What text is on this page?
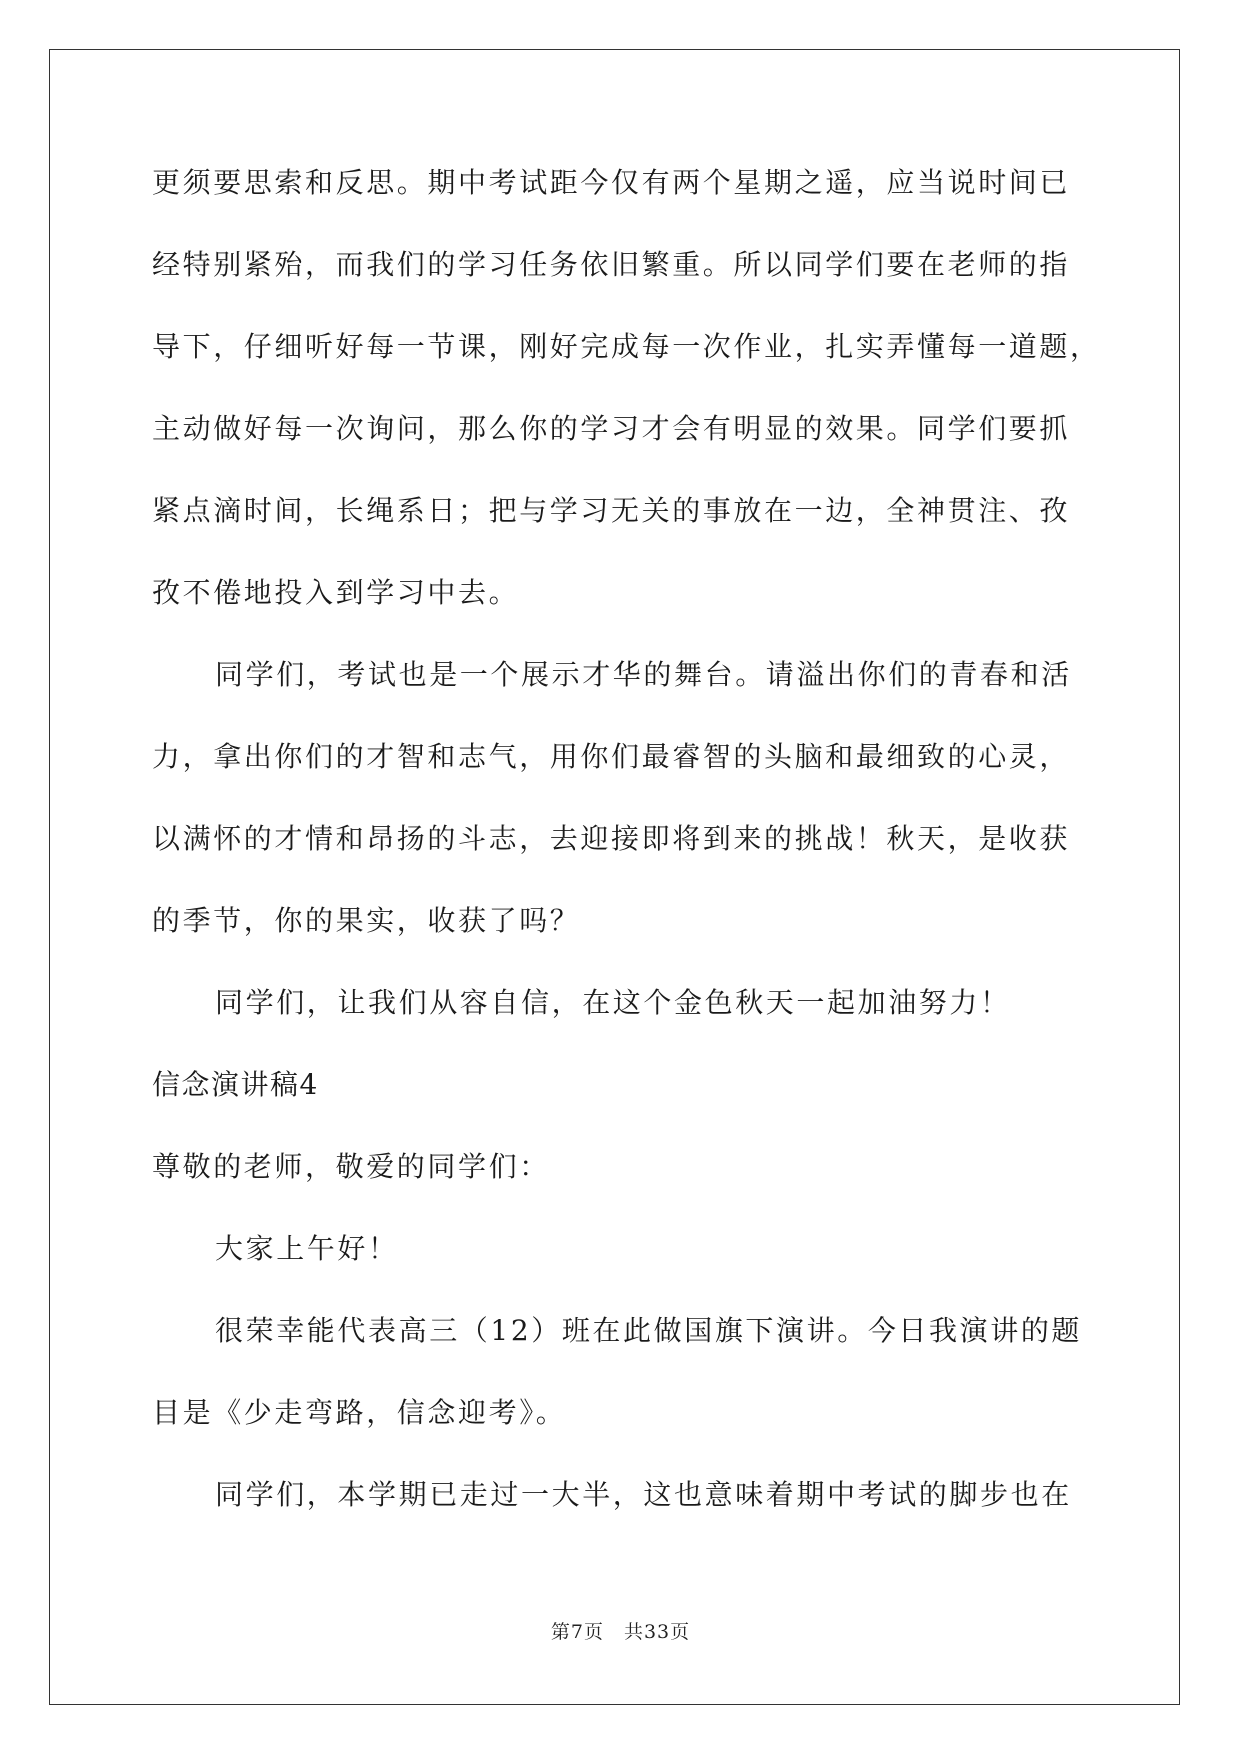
更须要思索和反思。期中考试距今仅有两个星期之遥，应当说时间已
经特别紧殆，而我们的学习任务依旧繁重。所以同学们要在老师的指
导下，仔细听好每一节课，刚好完成每一次作业，扎实弄懂每一道题，
主动做好每一次询问，那么你的学习才会有明显的效果。同学们要抓
紧点滴时间，长绳系日；把与学习无关的事放在一边，全神贯注、孜
孜不倦地投入到学习中去。
同学们，考试也是一个展示才华的舞台。请溢出你们的青春和活
力，拿出你们的才智和志气，用你们最睿智的头脑和最细致的心灵，
以满怀的才情和昂扬的斗志，去迎接即将到来的挑战！秋天，是收获
的季节，你的果实，收获了吗？
同学们，让我们从容自信，在这个金色秋天一起加油努力！
信念演讲稿4
尊敬的老师，敬爱的同学们：
大家上午好！
很荣幸能代表高三（12）班在此做国旗下演讲。今日我演讲的题
目是《少走弯路，信念迎考》。
同学们，本学期已走过一大半，这也意味着期中考试的脚步也在
第7页　共33页
